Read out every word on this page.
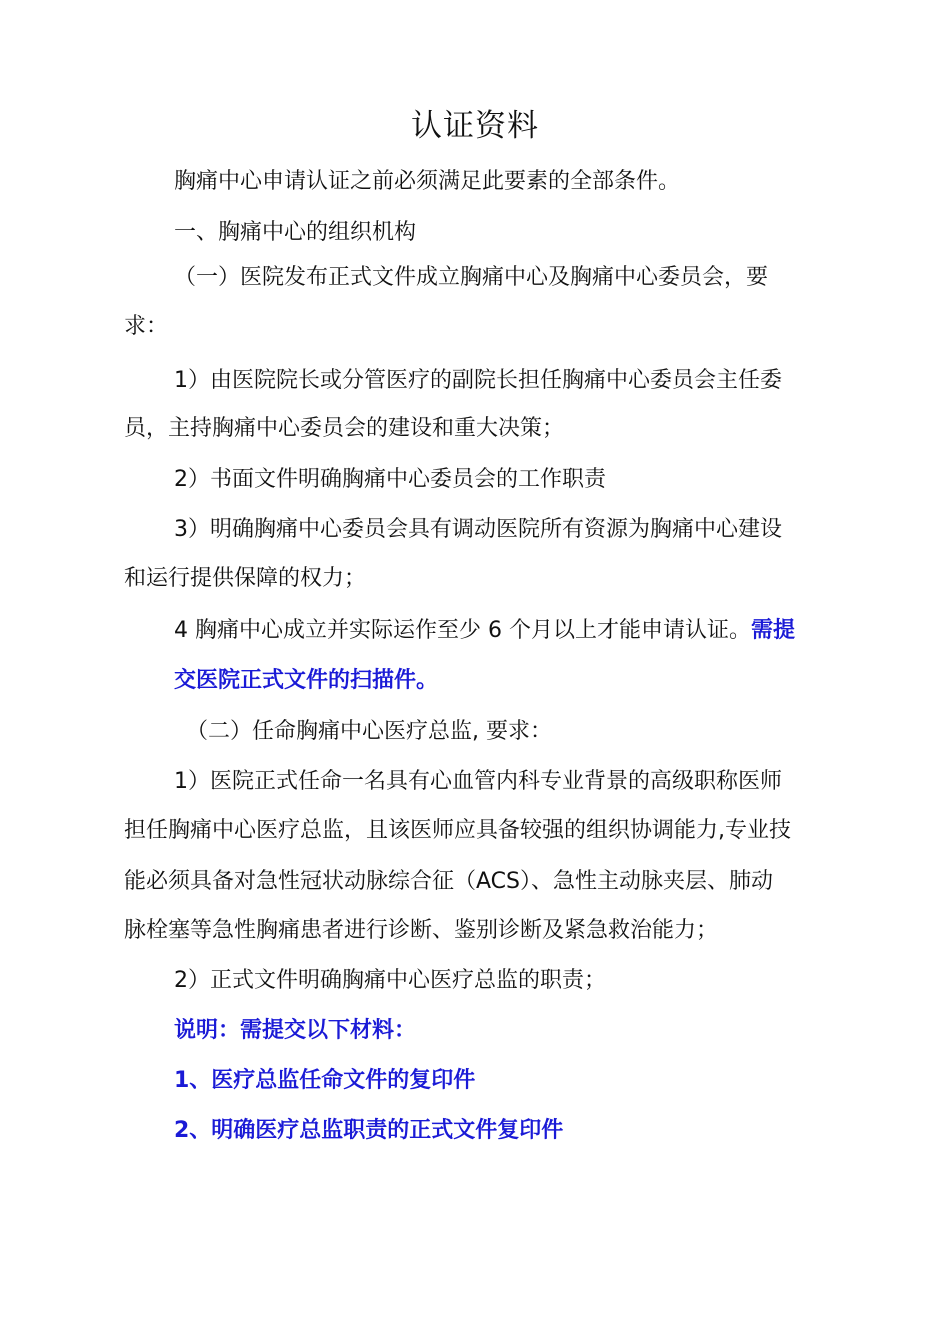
认证资料
胸痛中心申请认证之前必须满足此要素的全部条件。
一、胸痛中心的组织机构
（一）医院发布正式文件成立胸痛中心及胸痛中心委员会，要
求：
1）由医院院长或分管医疗的副院长担任胸痛中心委员会主任委
员，主持胸痛中心委员会的建设和重大决策；
2）书面文件明确胸痛中心委员会的工作职责
3）明确胸痛中心委员会具有调动医院所有资源为胸痛中心建设
和运行提供保障的权力；
4 胸痛中心成立并实际运作至少 6 个月以上才能申请认证。需提
交医院正式文件的扫描件。
（二）任命胸痛中心医疗总监, 要求：
1）医院正式任命一名具有心血管内科专业背景的高级职称医师
担任胸痛中心医疗总监，且该医师应具备较强的组织协调能力,专业技
能必须具备对急性冠状动脉综合征（ACS）、急性主动脉夹层、肺动
脉栓塞等急性胸痛患者进行诊断、鉴别诊断及紧急救治能力；
2）正式文件明确胸痛中心医疗总监的职责；
说明：需提交以下材料：
1、医疗总监任命文件的复印件
2、明确医疗总监职责的正式文件复印件
